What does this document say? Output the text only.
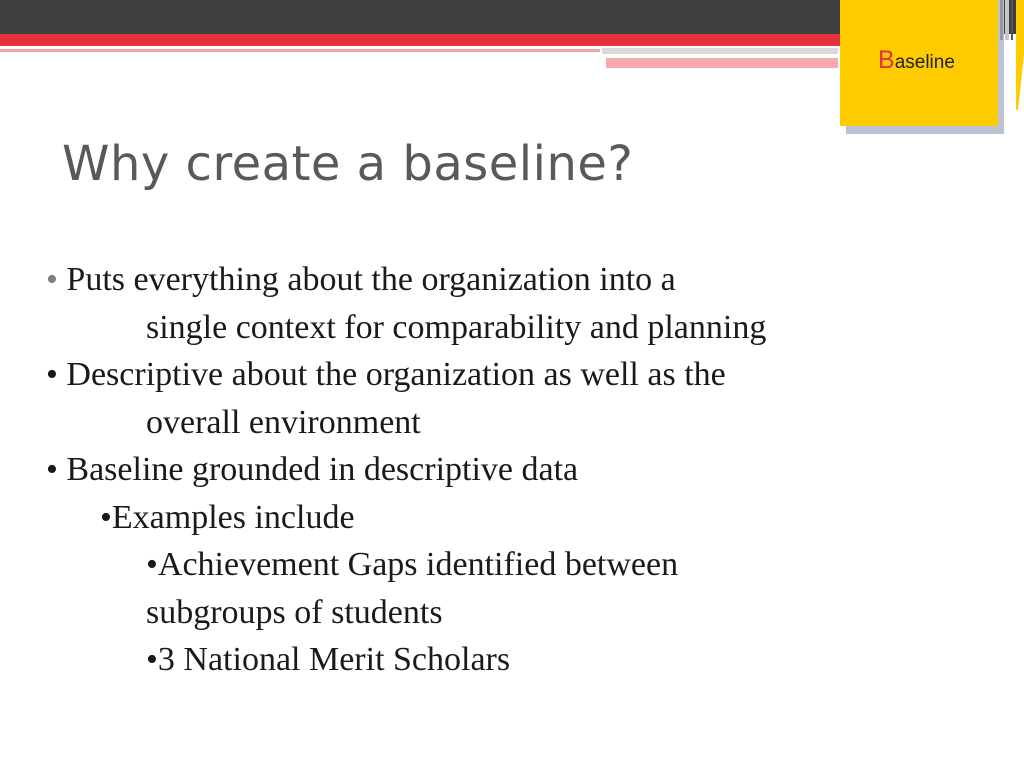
Baseline
Why create a baseline?
• Puts everything about the organization into a
single context for comparability and planning
• Descriptive about the organization as well as the
overall environment
• Baseline grounded in descriptive data
•Examples include
•Achievement Gaps identified between
subgroups of students
•3 National Merit Scholars
